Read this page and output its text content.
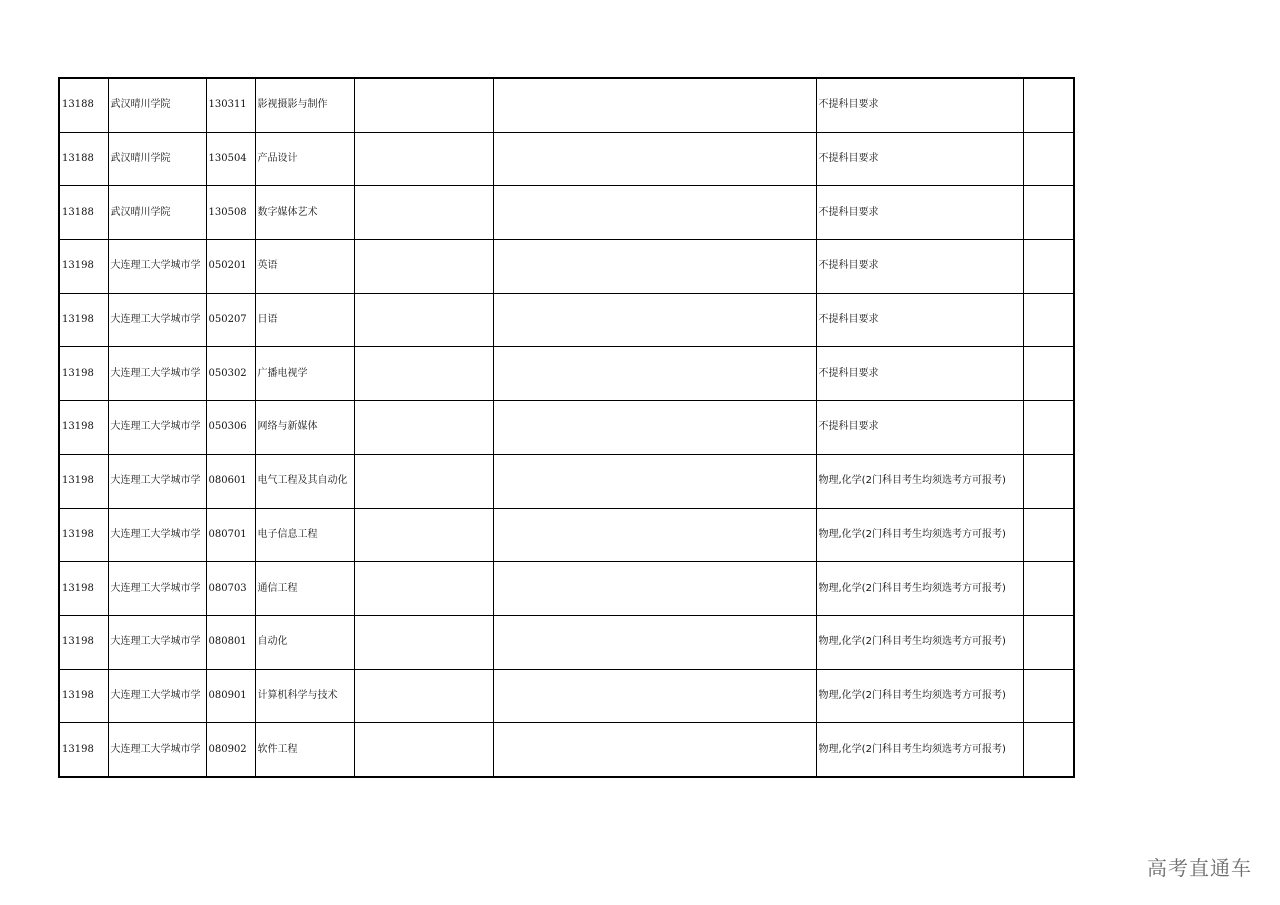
13188	武汉晴川学院	130311	影视摄影与制作			不提科目要求	
13188	武汉晴川学院	130504	产品设计			不提科目要求	
13188	武汉晴川学院	130508	数字媒体艺术			不提科目要求	
13198	大连理工大学城市学	050201	英语			不提科目要求	
13198	大连理工大学城市学	050207	日语			不提科目要求	
13198	大连理工大学城市学	050302	广播电视学			不提科目要求	
13198	大连理工大学城市学	050306	网络与新媒体			不提科目要求	
13198	大连理工大学城市学	080601	电气工程及其自动化			物理,化学(2门科目考生均须选考方可报考)	
13198	大连理工大学城市学	080701	电子信息工程			物理,化学(2门科目考生均须选考方可报考)	
13198	大连理工大学城市学	080703	通信工程			物理,化学(2门科目考生均须选考方可报考)	
13198	大连理工大学城市学	080801	自动化			物理,化学(2门科目考生均须选考方可报考)	
13198	大连理工大学城市学	080901	计算机科学与技术			物理,化学(2门科目考生均须选考方可报考)	
13198	大连理工大学城市学	080902	软件工程			物理,化学(2门科目考生均须选考方可报考)	
高考直通车
